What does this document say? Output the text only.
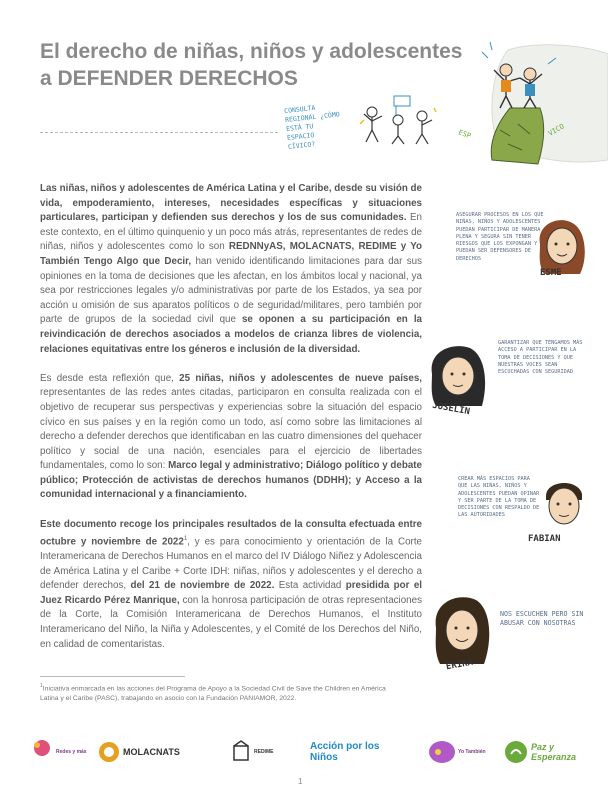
El derecho de niñas, niños y adolescentes
a DEFENDER DERECHOS
CONSULTA REGIONAL ¿CÓMO ESTÁ TU ESPACIO CÍVICO?
ESP	VICO

Las niñas, niños y adolescentes de América Latina y el Caribe, desde su visión de vida, empoderamiento, intereses, necesidades específicas y situaciones particulares, participan y defienden sus derechos y los de sus comunidades. En este contexto, en el último quinquenio y un poco más atrás, representantes de redes de niñas, niños y adolescentes como lo son REDNNyAS, MOLACNATS, REDIME y Yo También Tengo Algo que Decir, han venido identificando limitaciones para dar sus opiniones en la toma de decisiones que les afectan, en los ámbitos local y nacional, ya sea por restricciones legales y/o administrativas por parte de los Estados, ya sea por acción u omisión de sus aparatos políticos o de seguridad/militares, pero también por parte de grupos de la sociedad civil que se oponen a su participación en la reivindicación de derechos asociados a modelos de crianza libres de violencia, relaciones equitativas entre los géneros e inclusión de la diversidad.

Es desde esta reflexión que, 25 niñas, niños y adolescentes de nueve países, representantes de las redes antes citadas, participaron en consulta realizada con el objetivo de recuperar sus perspectivas y experiencias sobre la situación del espacio cívico en sus países y en la región como un todo, así como sobre las limitaciones al derecho a defender derechos que identificaban en las cuatro dimensiones del quehacer político y social de una nación, esenciales para el ejercicio de libertades fundamentales, como lo son: Marco legal y administrativo; Diálogo político y debate público; Protección de activistas de derechos humanos (DDHH); y Acceso a la comunidad internacional y a financiamiento.

Este documento recoge los principales resultados de la consulta efectuada entre octubre y noviembre de 2022$^1$, y es para conocimiento y orientación de la Corte Interamericana de Derechos Humanos en el marco del IV Diálogo Niñez y Adolescencia de América Latina y el Caribe + Corte IDH: niñas, niños y adolescentes y el derecho a defender derechos, del 21 de noviembre de 2022. Esta actividad presidida por el Juez Ricardo Pérez Manrique, con la honrosa participación de otras representaciones de la Corte, la Comisión Interamericana de Derechos Humanos, el Instituto Interamericano del Niño, la Niña y Adolescentes, y el Comité de los Derechos del Niño, en calidad de comentaristas.

$^1$Iniciativa enmarcada en las acciones del Programa de Apoyo a la Sociedad Civil de Save the Children en América Latina y el Caribe (PASC), trabajando en asocio con la Fundación PANIAMOR, 2022.
ASEGURAR PROCESOS EN LOS QUE NIÑAS, NIÑOS Y ADOLESCENTES PUEDAN PARTICIPAR DE MANERA PLENA Y SEGURA SIN TENER RIESGOS QUE LOS EXPONGAN Y PUEDAN SER DEFENSORES DE DERECHOS
ESME
JOSELIN
GARANTIZAR QUE TENGAMOS MÁS ACCESO A PARTICIPAR EN LA TOMA DE DECISIONES Y QUE NUESTRAS VOCES SEAN ESCUCHADAS CON SEGURIDAD
CREAR MÁS ESPACIOS PARA QUE LAS NIÑAS, NIÑOS Y ADOLESCENTES PUEDAN OPINAR Y SER PARTE DE LA TOMA DE DECISIONES CON RESPALDO DE LAS AUTORIDADES
FABIAN
ERIKA
NOS ESCUCHEN PERO SIN ABUSAR CON NOSOTRAS
Redes y más	MOLACNATS	REDIME	Acción por los Niños	Yo También	Paz y Esperanza
1
